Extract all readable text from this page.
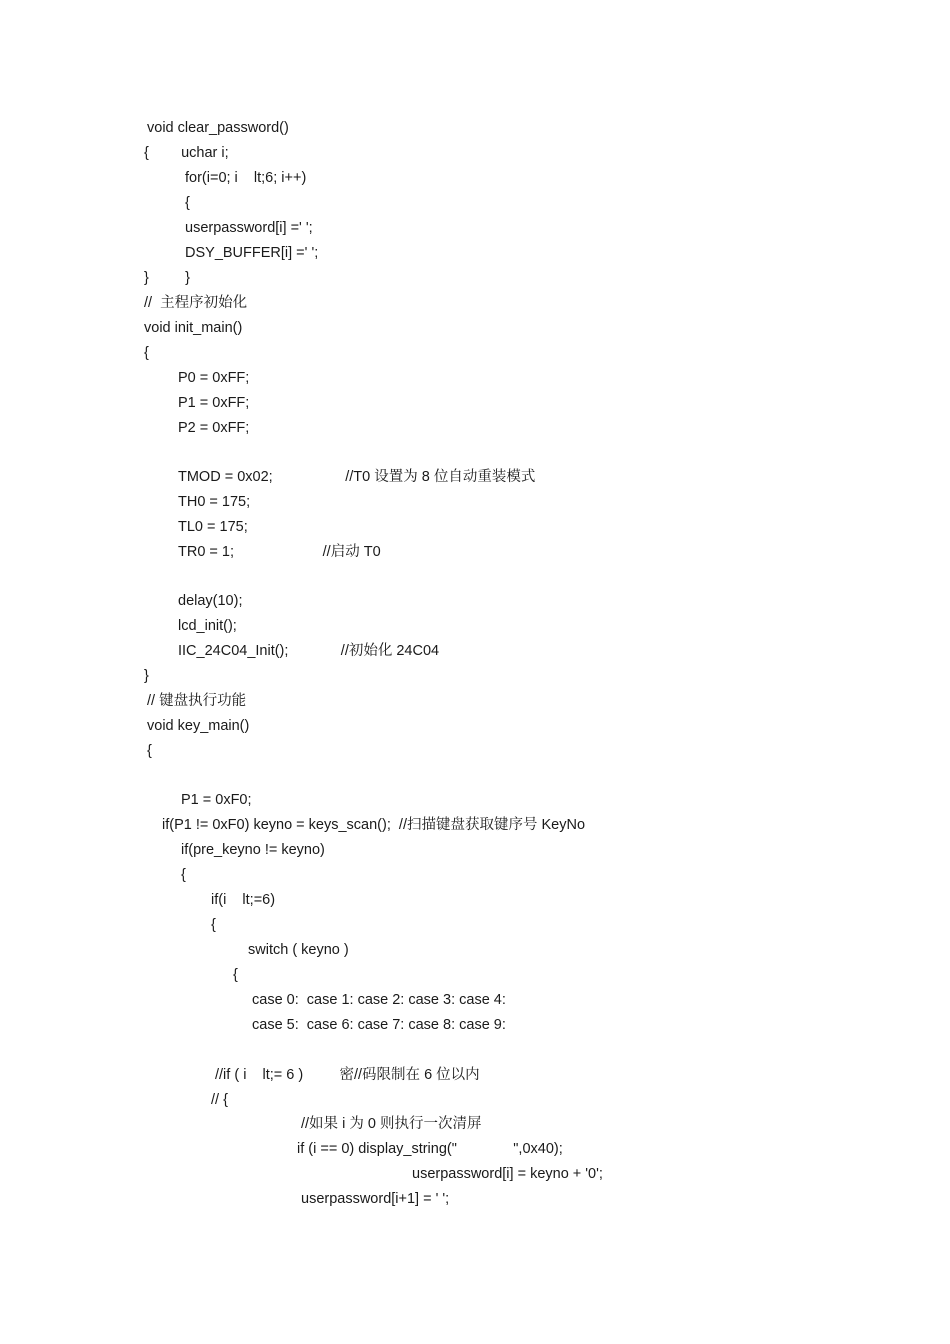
void clear_password()
{        uchar i;
for(i=0; i    lt;6; i++)
{
userpassword[i] =' ';
DSY_BUFFER[i] =' ';
}         }
//  主程序初始化
void init_main()
{
P0 = 0xFF;
P1 = 0xFF;
P2 = 0xFF;
TMOD = 0x02;                  //T0 设置为 8 位自动重装模式
TH0 = 175;
TL0 = 175;
TR0 = 1;                      //启动 T0
delay(10);
lcd_init();
IIC_24C04_Init();             //初始化 24C04
}
// 键盘执行功能
void key_main()
{
P1 = 0xF0;
if(P1 != 0xF0) keyno = keys_scan();  //扫描键盘获取键序号 KeyNo
if(pre_keyno != keyno)
{
if(i    lt;=6)
{
switch ( keyno )
{
case 0:  case 1: case 2: case 3: case 4:
case 5:  case 6: case 7: case 8: case 9:
//if ( i    lt;= 6 )         密//码限制在 6 位以内
// {
//如果 i 为 0 则执行一次清屏
if (i == 0) display_string("              ",0x40);
userpassword[i] = keyno + '0';
userpassword[i+1] = ' ';
